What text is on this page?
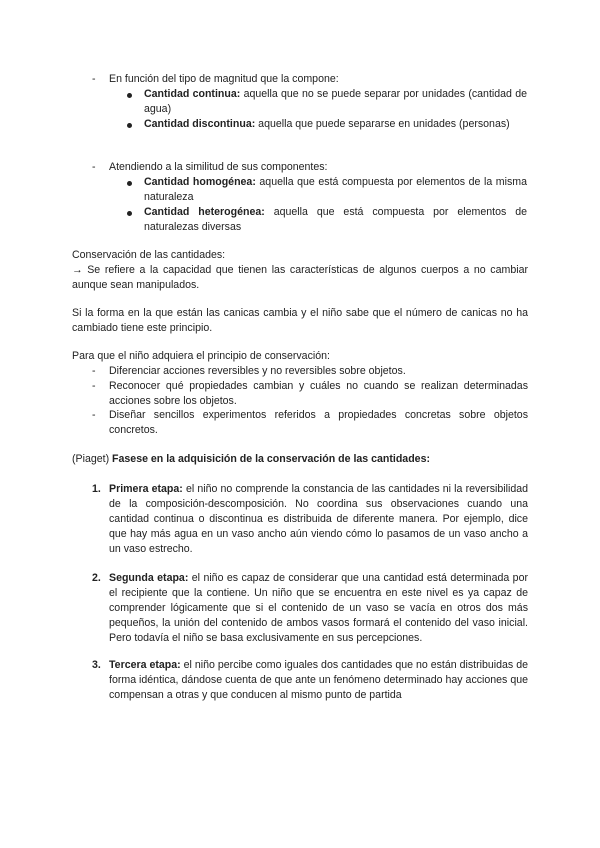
-	En función del tipo de magnitud que la compone:
Cantidad continua: aquella que no se puede separar por unidades (cantidad de agua)
Cantidad discontinua: aquella que puede separarse en unidades (personas)
-	Atendiendo a la similitud de sus componentes:
Cantidad homogénea: aquella que está compuesta por elementos de la misma naturaleza
Cantidad heterogénea: aquella que está compuesta por elementos de naturalezas diversas
Conservación de las cantidades:
→ Se refiere a la capacidad que tienen las características de algunos cuerpos a no cambiar aunque sean manipulados.
Si la forma en la que están las canicas cambia y el niño sabe que el número de canicas no ha cambiado tiene este principio.
Para que el niño adquiera el principio de conservación:
-	Diferenciar acciones reversibles y no reversibles sobre objetos.
-	Reconocer qué propiedades cambian y cuáles no cuando se realizan determinadas acciones sobre los objetos.
-	Diseñar sencillos experimentos referidos a propiedades concretas sobre objetos concretos.
(Piaget) Fasese en la adquisición de la conservación de las cantidades:
1. Primera etapa: el niño no comprende la constancia de las cantidades ni la reversibilidad de la composición-descomposición. No coordina sus observaciones cuando una cantidad continua o discontinua es distribuida de diferente manera. Por ejemplo, dice que hay más agua en un vaso ancho aún viendo cómo lo pasamos de un vaso ancho a un vaso estrecho.
2. Segunda etapa: el niño es capaz de considerar que una cantidad está determinada por el recipiente que la contiene. Un niño que se encuentra en este nivel es ya capaz de comprender lógicamente que si el contenido de un vaso se vacía en otros dos más pequeños, la unión del contenido de ambos vasos formará el contenido del vaso inicial. Pero todavía el niño se basa exclusivamente en sus percepciones.
3. Tercera etapa: el niño percibe como iguales dos cantidades que no están distribuidas de forma idéntica, dándose cuenta de que ante un fenómeno determinado hay acciones que compensan a otras y que conducen al mismo punto de partida
